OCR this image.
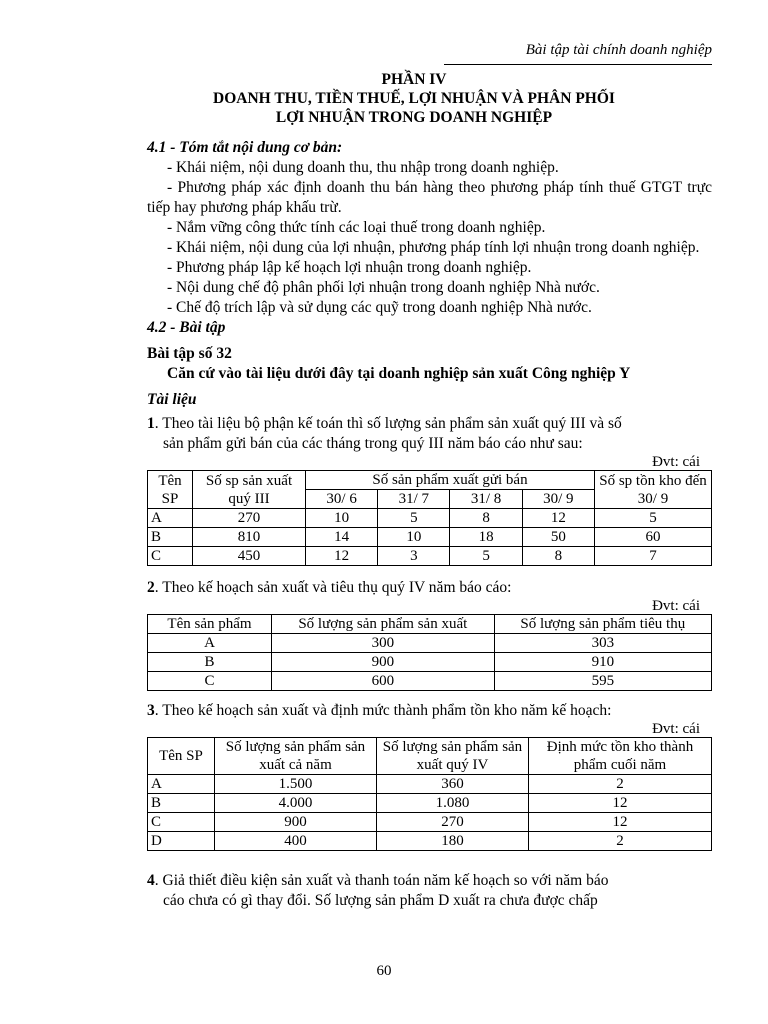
Bài tập tài chính doanh nghiệp
PHẦN IV
DOANH THU, TIỀN THUẾ, LỢI NHUẬN VÀ PHÂN PHỐI
LỢI NHUẬN TRONG DOANH NGHIỆP
4.1 - Tóm tắt nội dung cơ bản:
- Khái niệm, nội dung doanh thu, thu nhập trong doanh nghiệp.
- Phương pháp xác định doanh thu bán hàng theo phương pháp tính thuế GTGT trực tiếp hay phương pháp khấu trừ.
- Nắm vững công thức tính các loại thuế trong doanh nghiệp.
- Khái niệm, nội dung của lợi nhuận, phương pháp tính lợi nhuận trong doanh nghiệp.
- Phương pháp lập kế hoạch lợi nhuận trong doanh nghiệp.
- Nội dung chế độ phân phối lợi nhuận trong doanh nghiệp Nhà nước.
- Chế độ trích lập và sử dụng các quỹ trong doanh nghiệp Nhà nước.
4.2 - Bài tập
Bài tập số 32
Căn cứ vào tài liệu dưới đây tại doanh nghiệp sản xuất Công nghiệp Y
Tài liệu
1. Theo tài liệu bộ phận kế toán thì số lượng sản phẩm sản xuất quý III và số
sản phẩm gửi bán của các tháng trong quý III năm báo cáo như sau:
Đvt: cái
Tên SP	Số sp sản xuất quý III	Số sản phẩm xuất gửi bán				Số sp tồn kho đến 30/ 9
		30/ 6	31/ 7	31/ 8	30/ 9	
A	270	10	5	8	12	5
B	810	14	10	18	50	60
C	450	12	3	5	8	7
2. Theo kế hoạch sản xuất và tiêu thụ quý IV năm báo cáo:
Đvt: cái
Tên sản phẩm	Số lượng sản phẩm sản xuất	Số lượng sản phẩm tiêu thụ
A	300	303
B	900	910
C	600	595
3. Theo kế hoạch sản xuất và định mức thành phẩm tồn kho năm kế hoạch:
Đvt: cái
Tên SP	Số lượng sản phẩm sản xuất cả năm	Số lượng sản phẩm sản xuất quý IV	Định mức tồn kho thành phẩm cuối năm
A	1.500	360	2
B	4.000	1.080	12
C	900	270	12
D	400	180	2
4. Giả thiết điều kiện sản xuất và thanh toán năm kế hoạch so với năm báo
cáo chưa có gì thay đổi. Số lượng sản phẩm D xuất ra chưa được chấp
60
